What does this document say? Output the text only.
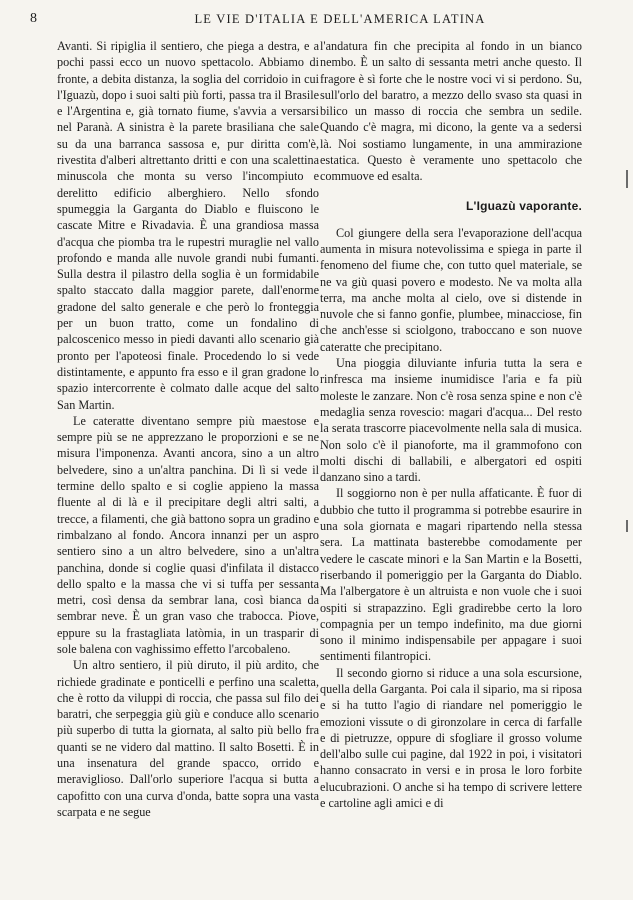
8	LE VIE D'ITALIA E DELL'AMERICA LATINA

Avanti. Si ripiglia il sentiero, che piega a destra, e a pochi passi ecco un nuovo spettacolo. Abbiamo di fronte, a debita distanza, la soglia del corridoio in cui l'Iguazù, dopo i suoi salti più forti, passa tra il Brasile e l'Argentina e, già tornato fiume, s'avvia a versarsi nel Paranà. A sinistra è la parete brasiliana che sale su da una barranca sassosa e, pur diritta com'è, rivestita d'alberi altrettanto dritti e con una scalettina minuscola che monta su verso l'incompiuto e derelitto edificio alberghiero. Nello sfondo spumeggia la Garganta do Diablo e fluiscono le cascate Mitre e Rivadavia. È una grandiosa massa d'acqua che piomba tra le rupestri muraglie nel vallo profondo e manda alle nuvole grandi nubi fumanti. Sulla destra il pilastro della soglia è un formidabile spalto staccato dalla maggior parete, dall'enorme gradone del salto generale e che però lo fronteggia per un buon tratto, come un fondalino di palcoscenico messo in piedi davanti allo scenario già pronto per l'apoteosi finale. Procedendo lo si vede distintamente, e appunto fra esso e il gran gradone lo spazio intercorrente è colmato dalle acque del salto San Martin.

Le cateratte diventano sempre più maestose e sempre più se ne apprezzano le proporzioni e se ne misura l'imponenza. Avanti ancora, sino a un altro belvedere, sino a un'altra panchina. Di lì si vede il termine dello spalto e si coglie appieno la massa fluente al di là e il precipitare degli altri salti, a trecce, a filamenti, che già battono sopra un gradino e rimbalzano al fondo. Ancora innanzi per un aspro sentiero sino a un altro belvedere, sino a un'altra panchina, donde si coglie quasi d'infilata il distacco dello spalto e la massa che vi si tuffa per sessanta metri, così densa da sembrar lana, così bianca da sembrar neve. È un gran vaso che trabocca. Piove, eppure su la frastagliata latòmia, in un trasparir di sole balena con vaghissimo effetto l'arcobaleno.

Un altro sentiero, il più diruto, il più ardito, che richiede gradinate e ponticelli e perfino una scaletta, che è rotto da viluppi di roccia, che passa sul filo dei baratri, che serpeggia giù giù e conduce allo scenario più superbo di tutta la giornata, al salto più bello fra quanti se ne videro dal mattino. Il salto Bosetti. È in una insenatura del grande spacco, orrido e meraviglioso. Dall'orlo superiore l'acqua si butta a capofitto con una curva d'onda, batte sopra una vasta scarpata e ne segue

l'andatura fin che precipita al fondo in un bianco nembo. È un salto di sessanta metri anche questo. Il fragore è sì forte che le nostre voci vi si perdono. Su, sull'orlo del baratro, a mezzo dello svaso sta quasi in bilico un masso di roccia che sembra un sedile. Quando c'è magra, mi dicono, la gente va a sedersi là. Noi sostiamo lungamente, in una ammirazione estatica. Questo è veramente uno spettacolo che commuove ed esalta.

L'Iguazù vaporante.

Col giungere della sera l'evaporazione dell'acqua aumenta in misura notevolissima e spiega in parte il fenomeno del fiume che, con tutto quel materiale, se ne va giù quasi povero e modesto. Ne va molta alla terra, ma anche molta al cielo, ove si distende in nuvole che si fanno gonfie, plumbee, minacciose, fin che anch'esse si sciolgono, traboccano e son nuove cateratte che precipitano.

Una pioggia diluviante infuria tutta la sera e rinfresca ma insieme inumidisce l'aria e fa più moleste le zanzare. Non c'è rosa senza spine e non c'è medaglia senza rovescio: magari d'acqua... Del resto la serata trascorre piacevolmente nella sala di musica. Non solo c'è il pianoforte, ma il grammofono con molti dischi di ballabili, e albergatori ed ospiti danzano sino a tardi.

Il soggiorno non è per nulla affaticante. È fuor di dubbio che tutto il programma si potrebbe esaurire in una sola giornata e magari ripartendo nella stessa sera. La mattinata basterebbe comodamente per vedere le cascate minori e la San Martin e la Bosetti, riserbando il pomeriggio per la Garganta do Diablo. Ma l'albergatore è un altruista e non vuole che i suoi ospiti si strapazzino. Egli gradirebbe certo la loro compagnia per un tempo indefinito, ma due giorni sono il minimo indispensabile per appagare i suoi sentimenti filantropici.

Il secondo giorno si riduce a una sola escursione, quella della Garganta. Poi cala il sipario, ma si riposa e si ha tutto l'agio di riandare nel pomeriggio le emozioni vissute o di gironzolare in cerca di farfalle e di pietruzze, oppure di sfogliare il grosso volume dell'albo sulle cui pagine, dal 1922 in poi, i visitatori hanno consacrato in versi e in prosa le loro forbite elucubrazioni. O anche si ha tempo di scrivere lettere e cartoline agli amici e di
